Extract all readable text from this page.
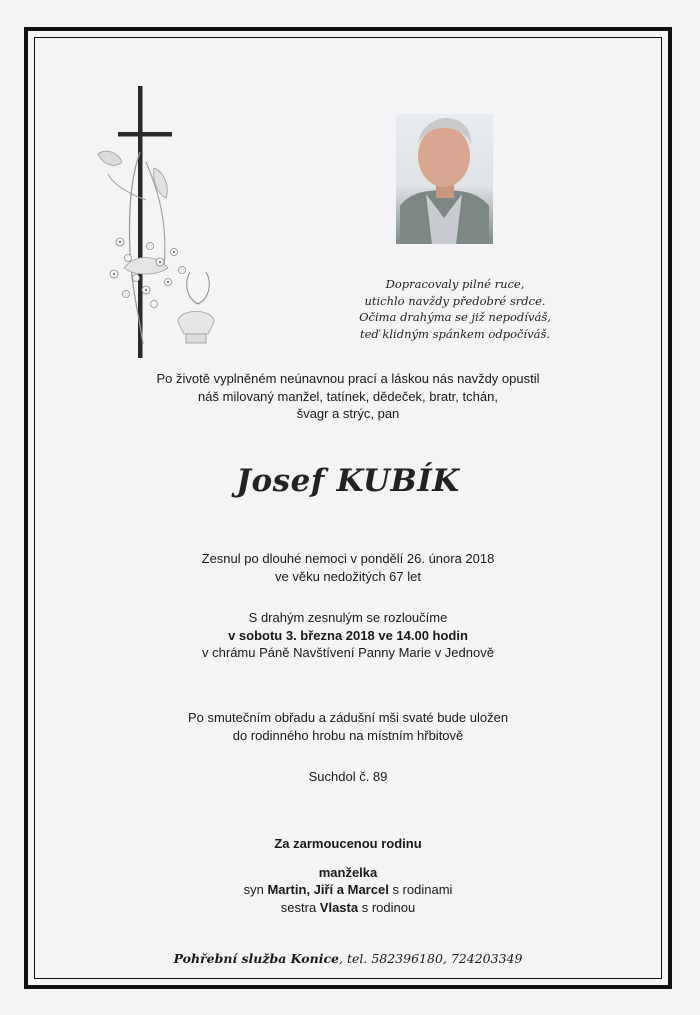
Dopracovaly pilné ruce,
utichlo navždy předobré srdce.
Očima drahýma se již nepodíváš,
teď klidným spánkem odpočíváš.
Po životě vyplněném neúnavnou prací a láskou nás navždy opustil
náš milovaný manžel, tatínek, dědeček, bratr, tchán,
švagr a strýc, pan
Josef KUBÍK
Zesnul po dlouhé nemoci v pondělí 26. února 2018
ve věku nedožitých 67 let
S drahým zesnulým se rozloučíme
v sobotu 3. března 2018 ve 14.00 hodin
v chrámu Páně Navštívení Panny Marie v Jednově
Po smutečním obřadu a zádušní mši svaté bude uložen
do rodinného hrobu na místním hřbitově
Suchdol č. 89
Za zarmoucenou rodinu
manželka
syn Martin, Jiří a Marcel s rodinami
sestra Vlasta s rodinou
Pohřební služba Konice, tel. 582396180, 724203349
